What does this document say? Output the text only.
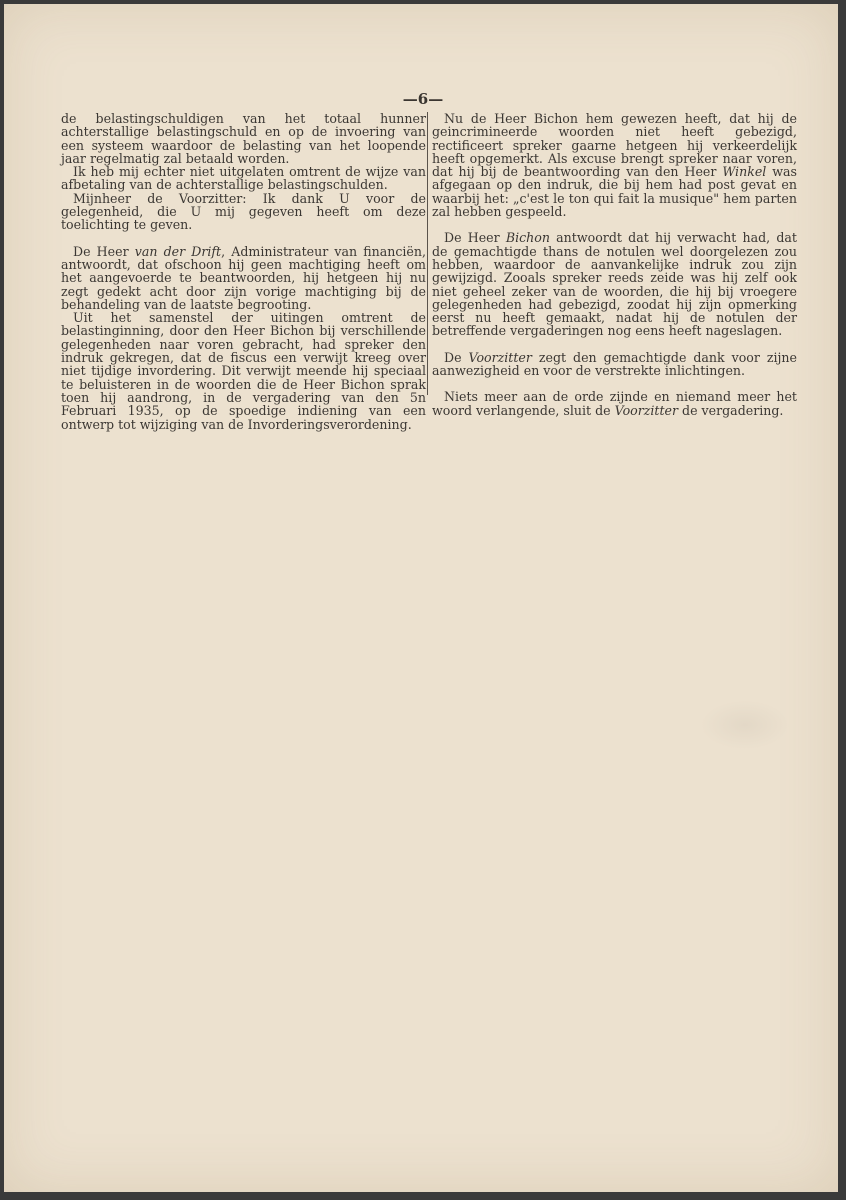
—6—

de belastingschuldigen van het totaal hunner achterstallige belastingschuld en op de invoering van een systeem waardoor de belasting van het loopende jaar regelmatig zal betaald worden.

Ik heb mij echter niet uitgelaten omtrent de wijze van afbetaling van de achterstallige belastingschulden.

Mijnheer de Voorzitter: Ik dank U voor de gelegenheid, die U mij gegeven heeft om deze toelichting te geven.

De Heer van der Drift, Administrateur van financiën, antwoordt, dat ofschoon hij geen machtiging heeft om het aangevoerde te beantwoorden, hij hetgeen hij nu zegt gedekt acht door zijn vorige machtiging bij de behandeling van de laatste begrooting.

Uit het samenstel der uitingen omtrent de belastinginning, door den Heer Bichon bij verschillende gelegenheden naar voren gebracht, had spreker den indruk gekregen, dat de fiscus een verwijt kreeg over niet tijdige invordering. Dit verwijt meende hij speciaal te beluisteren in de woorden die de Heer Bichon sprak toen hij aandrong, in de vergadering van den 5n Februari 1935, op de spoedige indiening van een ontwerp tot wijziging van de Invorderingsverordening.

Nu de Heer Bichon hem gewezen heeft, dat hij de geincrimineerde woorden niet heeft gebezigd, rectificeert spreker gaarne hetgeen hij verkeerdelijk heeft opgemerkt. Als excuse brengt spreker naar voren, dat hij bij de beantwoording van den Heer Winkel was afgegaan op den indruk, die bij hem had post gevat en waarbij het: „c'est le ton qui fait la musique" hem parten zal hebben gespeeld.

De Heer Bichon antwoordt dat hij verwacht had, dat de gemachtigde thans de notulen wel doorgelezen zou hebben, waardoor de aanvankelijke indruk zou zijn gewijzigd. Zooals spreker reeds zeide was hij zelf ook niet geheel zeker van de woorden, die hij bij vroegere gelegenheden had gebezigd, zoodat hij zijn opmerking eerst nu heeft gemaakt, nadat hij de notulen der betreffende vergaderingen nog eens heeft nageslagen.

De Voorzitter zegt den gemachtigde dank voor zijne aanwezigheid en voor de verstrekte inlichtingen.

Niets meer aan de orde zijnde en niemand meer het woord verlangende, sluit de Voorzitter de vergadering.
